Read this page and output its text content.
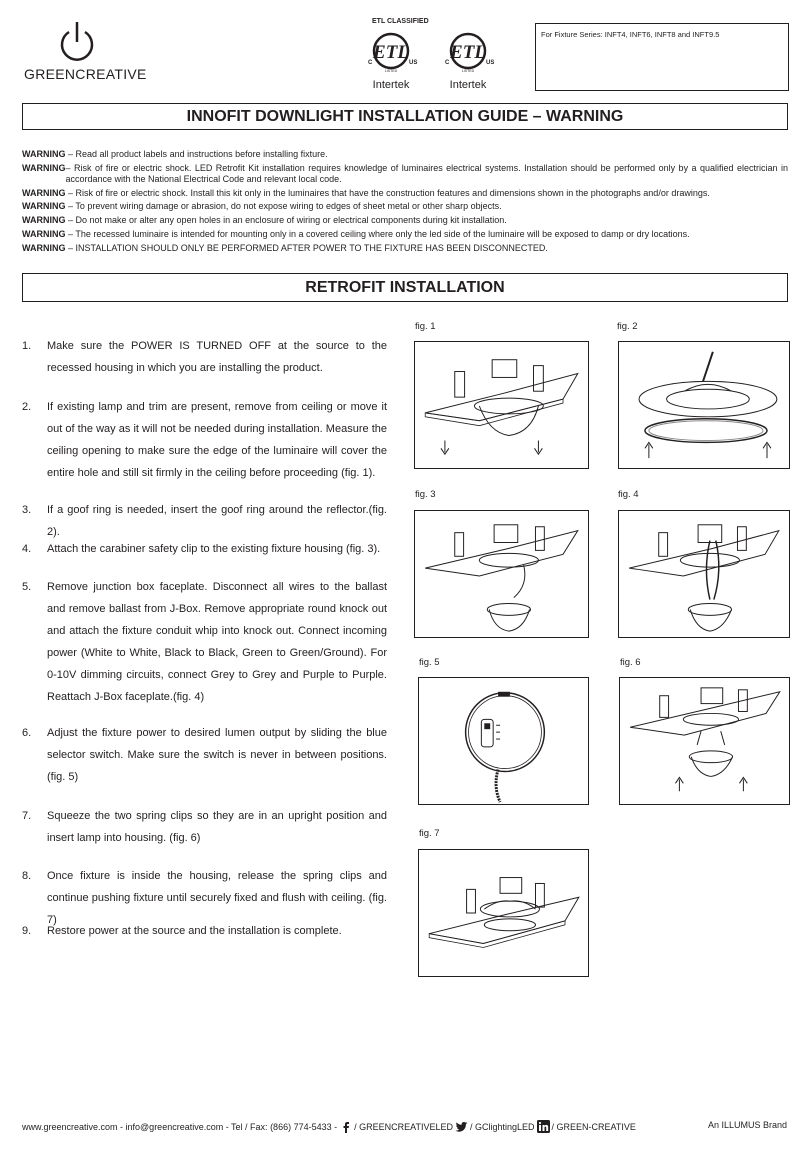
GREENCREATIVE
ETL CLASSIFIED
ETL
C	US
LISTED
Intertek
ETL
C	US
LISTED
Intertek
For Fixture Series: INFT4, INFT6, INFT8 and INFT9.5
INNOFIT DOWNLIGHT INSTALLATION GUIDE – WARNING
WARNING – Read all product labels and instructions before installing fixture.
WARNING – Risk of fire or electric shock. LED Retrofit Kit installation requires knowledge of luminaires electrical systems. Installation should be performed only by a qualified electrician in accordance with the National Electrical Code and relevant local code.
WARNING – Risk of fire or electric shock. Install this kit only in the luminaires that have the construction features and dimensions shown in the photographs and/or drawings.
WARNING – To prevent wiring damage or abrasion, do not expose wiring to edges of sheet metal or other sharp objects.
WARNING – Do not make or alter any open holes in an enclosure of wiring or electrical components during kit installation.
WARNING – The recessed luminaire is intended for mounting only in a covered ceiling where only the led side of the luminaire will be exposed to damp or dry locations.
WARNING – INSTALLATION SHOULD ONLY BE PERFORMED AFTER POWER TO THE FIXTURE HAS BEEN DISCONNECTED.
RETROFIT INSTALLATION
1.	Make sure the POWER IS TURNED OFF at the source to the recessed housing in which you are installing the product.
2.	If existing lamp and trim are present, remove from ceiling or move it out of the way as it will not be needed during installation. Measure the ceiling opening to make sure the edge of the luminaire will cover the entire hole and still sit firmly in the ceiling before proceeding (fig. 1).
3.	If a goof ring is needed, insert the goof ring around the reflector.(fig. 2).
4.	Attach the carabiner safety clip to the existing fixture housing (fig. 3).
5.	Remove junction box faceplate. Disconnect all wires to the ballast and remove ballast from J-Box. Remove appropriate round knock out and attach the fixture conduit whip into knock out. Connect incoming power (White to White, Black to Black, Green to Green/Ground). For 0-10V dimming circuits, connect Grey to Grey and Purple to Purple. Reattach J-Box faceplate.(fig. 4)
6.	Adjust the fixture power to desired lumen output by sliding the blue selector switch. Make sure the switch is never in between positions.(fig. 5)
7.	Squeeze the two spring clips so they are in an upright position and insert lamp into housing. (fig. 6)
8.	Once fixture is inside the housing, release the spring clips and continue pushing fixture until securely fixed and flush with ceiling. (fig. 7)
9.	Restore power at the source and the installation is complete.
fig. 1	fig. 2
fig. 3	fig. 4
fig. 5	fig. 6
fig. 7
www.greencreative.com - info@greencreative.com - Tel / Fax: (866) 774-5433 - / GREENCREATIVELED / GClightingLED / GREEN-CREATIVE	An ILLUMUS Brand
